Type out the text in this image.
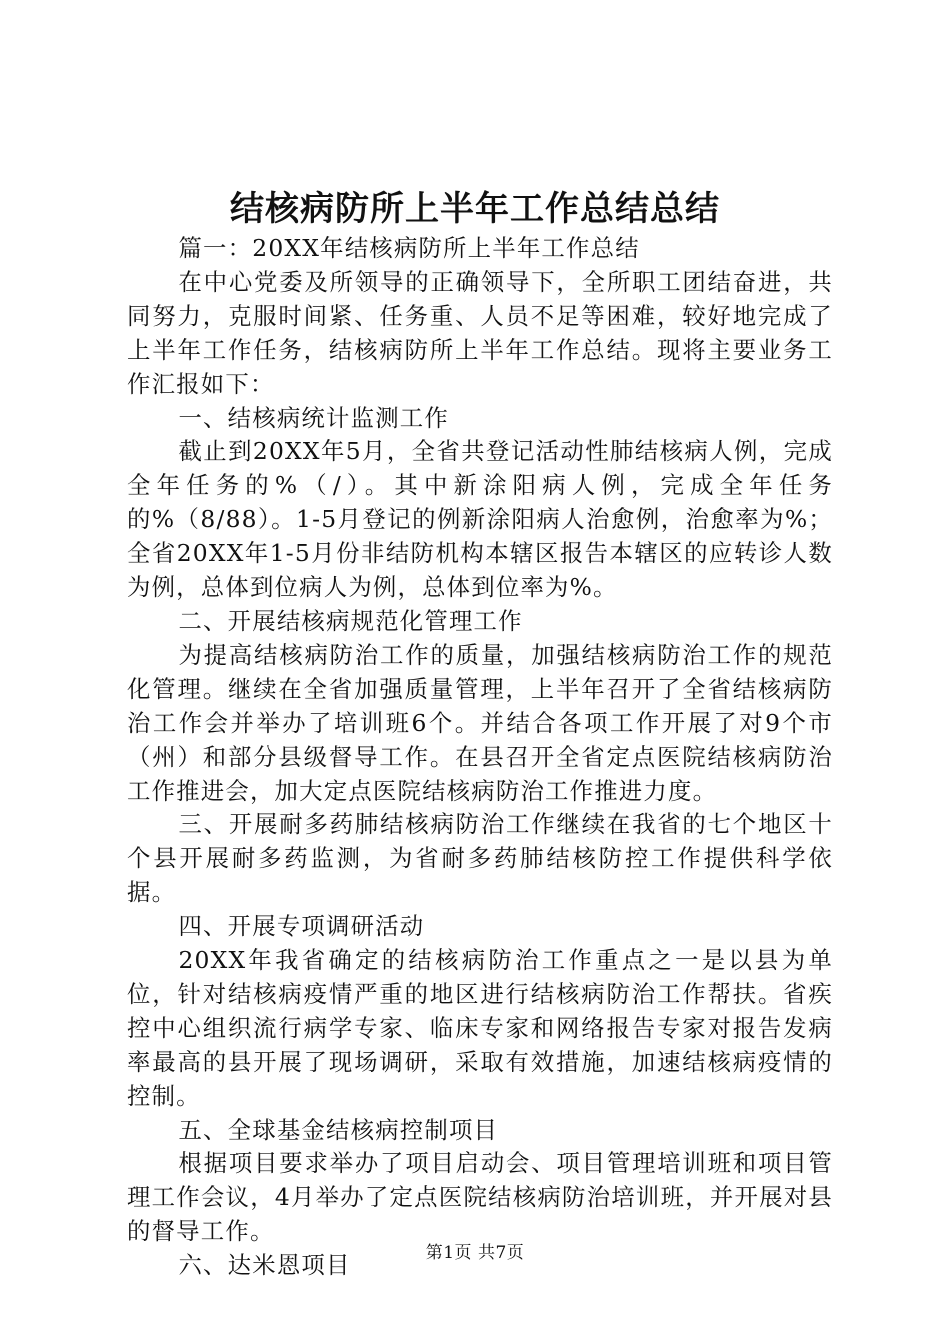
结核病防所上半年工作总结总结

篇一：20XX年结核病防所上半年工作总结

在中心党委及所领导的正确领导下，全所职工团结奋进，共同努力，克服时间紧、任务重、人员不足等困难，较好地完成了上半年工作任务，结核病防所上半年工作总结。现将主要业务工作汇报如下：

一、结核病统计监测工作

截止到20XX年5月，全省共登记活动性肺结核病人例，完成全年任务的%（/）。其中新涂阳病人例，完成全年任务的%（8/88）。1-5月登记的例新涂阳病人治愈例，治愈率为%；全省20XX年1-5月份非结防机构本辖区报告本辖区的应转诊人数为例，总体到位病人为例，总体到位率为%。

二、开展结核病规范化管理工作

为提高结核病防治工作的质量，加强结核病防治工作的规范化管理。继续在全省加强质量管理，上半年召开了全省结核病防治工作会并举办了培训班6个。并结合各项工作开展了对9个市（州）和部分县级督导工作。在县召开全省定点医院结核病防治工作推进会，加大定点医院结核病防治工作推进力度。

三、开展耐多药肺结核病防治工作继续在我省的七个地区十个县开展耐多药监测，为省耐多药肺结核防控工作提供科学依据。

四、开展专项调研活动

20XX年我省确定的结核病防治工作重点之一是以县为单位，针对结核病疫情严重的地区进行结核病防治工作帮扶。省疾控中心组织流行病学专家、临床专家和网络报告专家对报告发病率最高的县开展了现场调研，采取有效措施，加速结核病疫情的控制。

五、全球基金结核病控制项目

根据项目要求举办了项目启动会、项目管理培训班和项目管理工作会议，4月举办了定点医院结核病防治培训班，并开展对县的督导工作。

六、达米恩项目	第1页 共7页
